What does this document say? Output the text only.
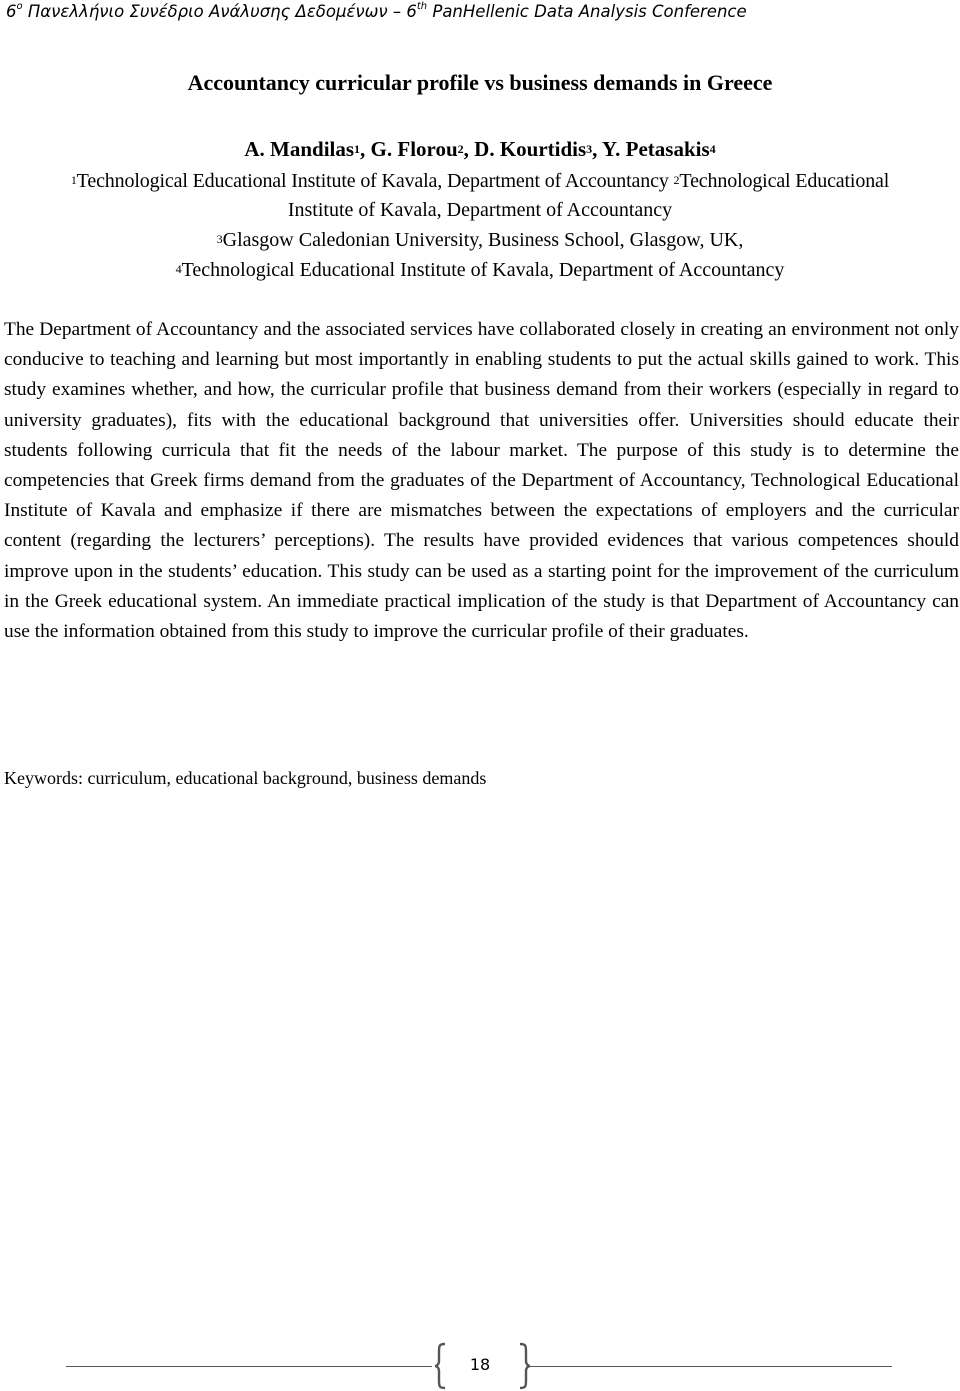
6$^o$ Πανελλήνιο Συνέδριο Ανάλυσης Δεδομένων – 6th PanHellenic Data Analysis Conference
Accountancy curricular profile vs business demands in Greece
A. Mandilas$^1$, G. Florou$^2$, D. Kourtidis$^3$, Y. Petasakis$^4$
$^1$Technological Educational Institute of Kavala, Department of Accountancy $^2$Technological Educational
Institute of Kavala, Department of Accountancy
$^3$Glasgow Caledonian University, Business School, Glasgow, UK,
$^4$Technological Educational Institute of Kavala, Department of Accountancy

The Department of Accountancy and the associated services have collaborated closely in creating an environment not only conducive to teaching and learning but most importantly in enabling students to put the actual skills gained to work. This study examines whether, and how, the curricular profile that business demand from their workers (especially in regard to university graduates), fits with the educational background that universities offer. Universities should educate their students following curricula that fit the needs of the labour market. The purpose of this study is to determine the competencies that Greek firms demand from the graduates of the Department of Accountancy, Technological Educational Institute of Kavala and emphasize if there are mismatches between the expectations of employers and the curricular content (regarding the lecturers’ perceptions). The results have provided evidences that various competences should improve upon in the students’ education. This study can be used as a starting point for the improvement of the curriculum in the Greek educational system. An immediate practical implication of the study is that Department of Accountancy can use the information obtained from this study to improve the curricular profile of their graduates.

Keywords: curriculum, educational background, business demands
18
